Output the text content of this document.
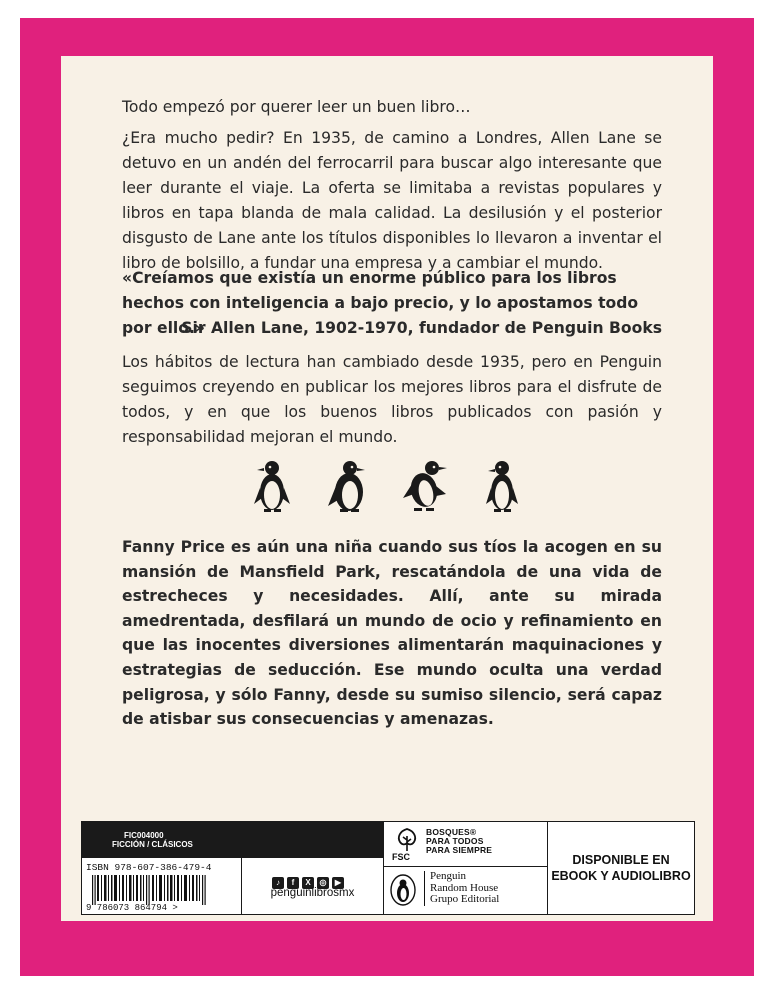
Todo empezó por querer leer un buen libro…

¿Era mucho pedir? En 1935, de camino a Londres, Allen Lane se detuvo en un andén del ferrocarril para buscar algo interesante que leer durante el viaje. La oferta se limitaba a revistas populares y libros en tapa blanda de mala calidad. La desilusión y el posterior disgusto de Lane ante los títulos disponibles lo llevaron a inventar el libro de bolsillo, a fundar una empresa y a cambiar el mundo.

«Creíamos que existía un enorme público para los libros hechos con inteligencia a bajo precio, y lo apostamos todo por ello.»

Sir Allen Lane, 1902-1970, fundador de Penguin Books

Los hábitos de lectura han cambiado desde 1935, pero en Penguin seguimos creyendo en publicar los mejores libros para el disfrute de todos, y en que los buenos libros publicados con pasión y responsabilidad mejoran el mundo.

Fanny Price es aún una niña cuando sus tíos la acogen en su mansión de Mansfield Park, rescatándola de una vida de estrecheces y necesidades. Allí, ante su mirada amedrentada, desfilará un mundo de ocio y refinamiento en que las inocentes diversiones alimentarán maquinaciones y estrategias de seducción. Ese mundo oculta una verdad peligrosa, y sólo Fanny, desde su sumiso silencio, será capaz de atisbar sus consecuencias y amenazas.

FIC004000
FICCIÓN / CLÁSICOS
ISBN 978-607-386-479-4
9 786073 864794 >
♪ f X ◎ ▶
penguinlibrosmx
FSC
BOSQUES®
PARA TODOS
PARA SIEMPRE
Penguin
Random House
Grupo Editorial
DISPONIBLE EN
EBOOK Y AUDIOLIBRO
